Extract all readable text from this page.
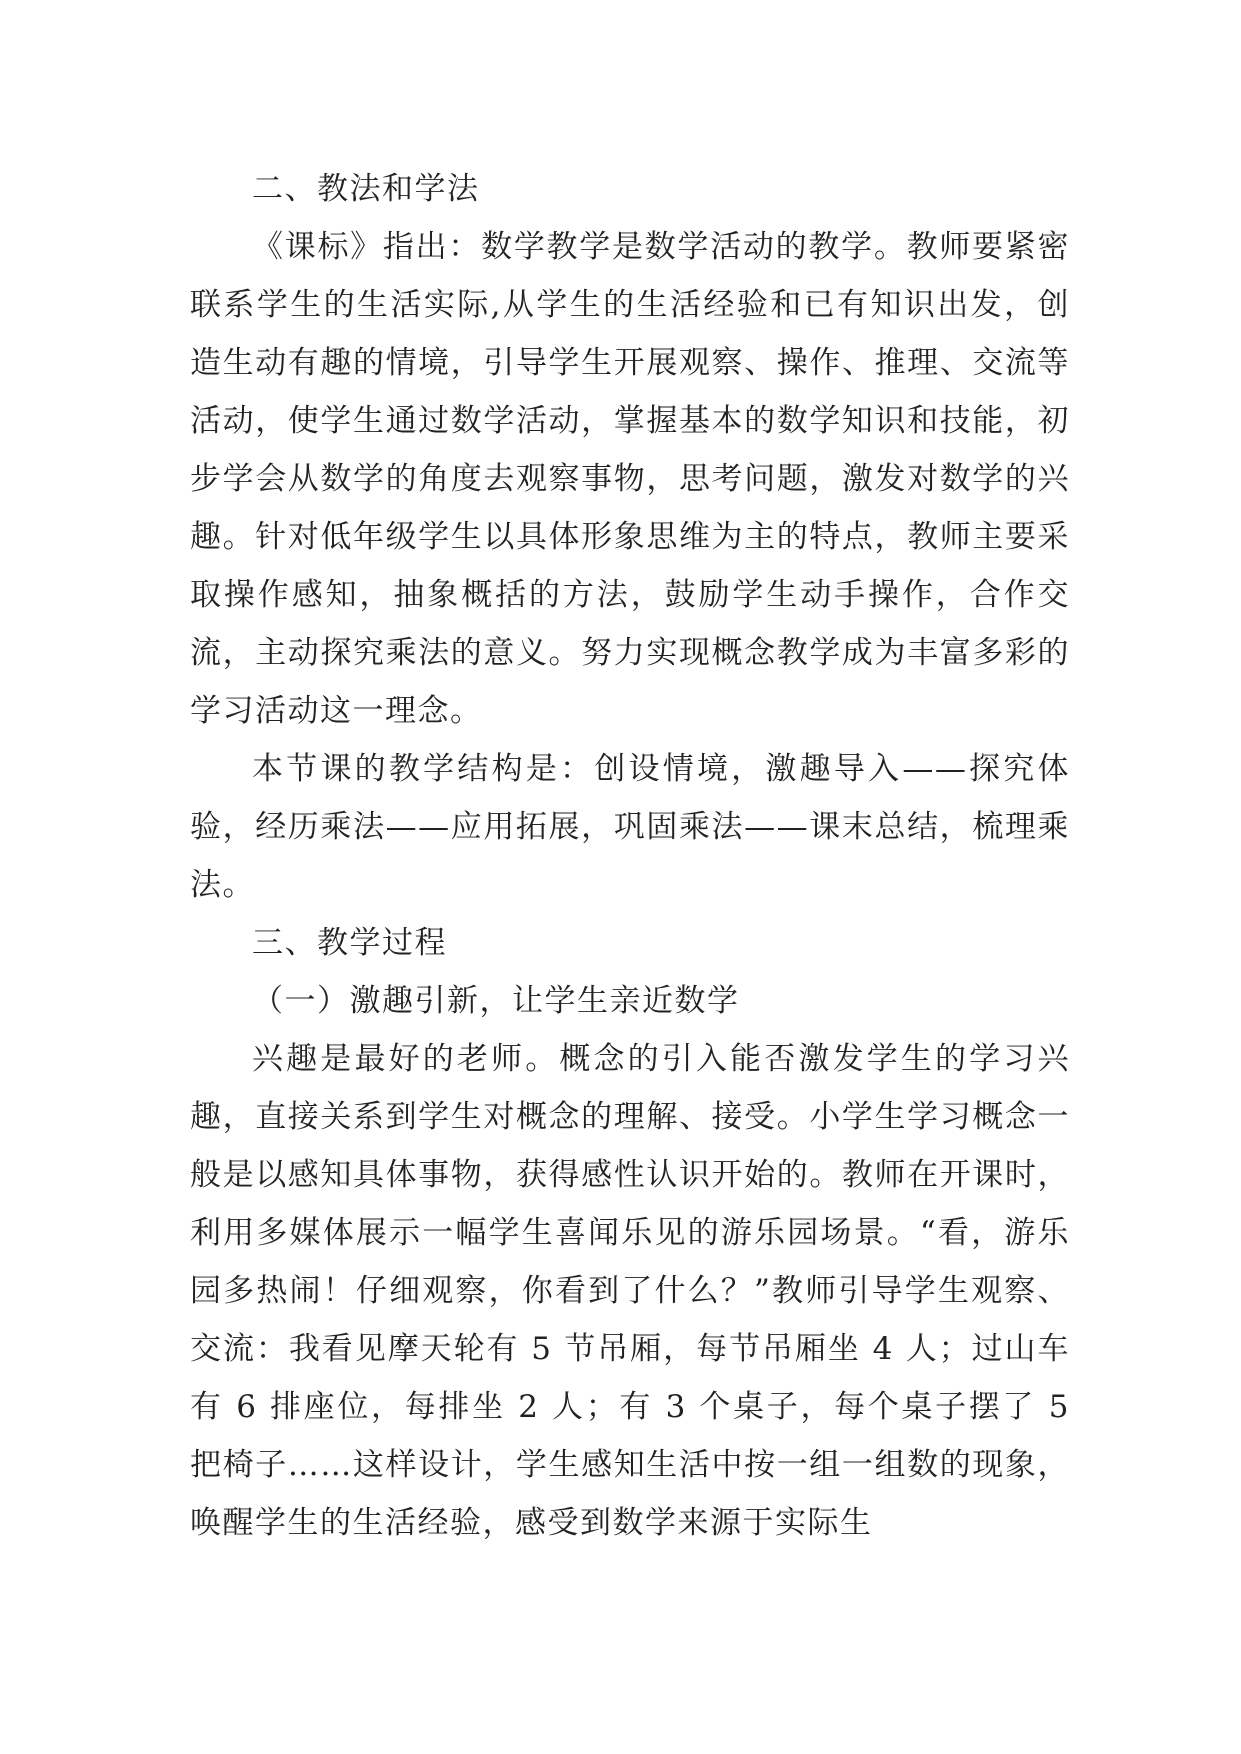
二、教法和学法

《课标》指出：数学教学是数学活动的教学。教师要紧密联系学生的生活实际,从学生的生活经验和已有知识出发，创造生动有趣的情境，引导学生开展观察、操作、推理、交流等活动，使学生通过数学活动，掌握基本的数学知识和技能，初步学会从数学的角度去观察事物，思考问题，激发对数学的兴趣。针对低年级学生以具体形象思维为主的特点，教师主要采取操作感知，抽象概括的方法，鼓励学生动手操作，合作交流，主动探究乘法的意义。努力实现概念教学成为丰富多彩的学习活动这一理念。

本节课的教学结构是：创设情境，激趣导入——探究体验，经历乘法——应用拓展，巩固乘法——课末总结，梳理乘法。

三、教学过程

（一）激趣引新，让学生亲近数学

兴趣是最好的老师。概念的引入能否激发学生的学习兴趣，直接关系到学生对概念的理解、接受。小学生学习概念一般是以感知具体事物，获得感性认识开始的。教师在开课时，利用多媒体展示一幅学生喜闻乐见的游乐园场景。“看，游乐园多热闹！仔细观察，你看到了什么？”教师引导学生观察、交流：我看见摩天轮有 5 节吊厢，每节吊厢坐 4 人；过山车有 6 排座位，每排坐 2 人；有 3 个桌子，每个桌子摆了 5 把椅子……这样设计，学生感知生活中按一组一组数的现象，唤醒学生的生活经验，感受到数学来源于实际生
